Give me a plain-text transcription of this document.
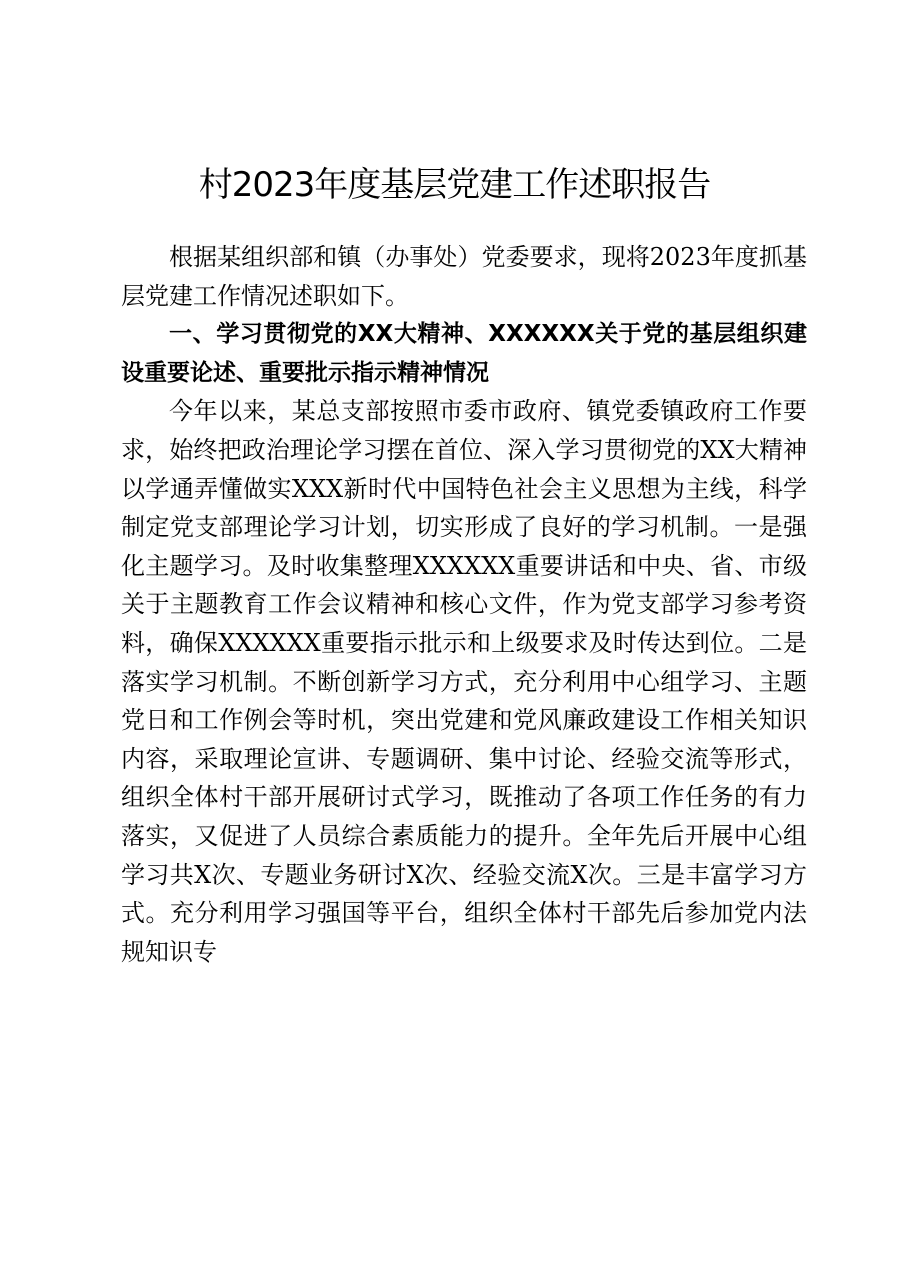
村2023年度基层党建工作述职报告

根据某组织部和镇（办事处）党委要求，现将2023年度抓基层党建工作情况述职如下。

一、学习贯彻党的XX大精神、XXXXXX关于党的基层组织建设重要论述、重要批示指示精神情况

今年以来，某总支部按照市委市政府、镇党委镇政府工作要求，始终把政治理论学习摆在首位、深入学习贯彻党的XX大精神以学通弄懂做实XXX新时代中国特色社会主义思想为主线，科学制定党支部理论学习计划，切实形成了良好的学习机制。一是强化主题学习。及时收集整理XXXXXX重要讲话和中央、省、市级关于主题教育工作会议精神和核心文件，作为党支部学习参考资料，确保XXXXXX重要指示批示和上级要求及时传达到位。二是落实学习机制。不断创新学习方式，充分利用中心组学习、主题党日和工作例会等时机，突出党建和党风廉政建设工作相关知识内容，采取理论宣讲、专题调研、集中讨论、经验交流等形式，组织全体村干部开展研讨式学习，既推动了各项工作任务的有力落实，又促进了人员综合素质能力的提升。全年先后开展中心组学习共X次、专题业务研讨X次、经验交流X次。三是丰富学习方式。充分利用学习强国等平台，组织全体村干部先后参加党内法规知识专
